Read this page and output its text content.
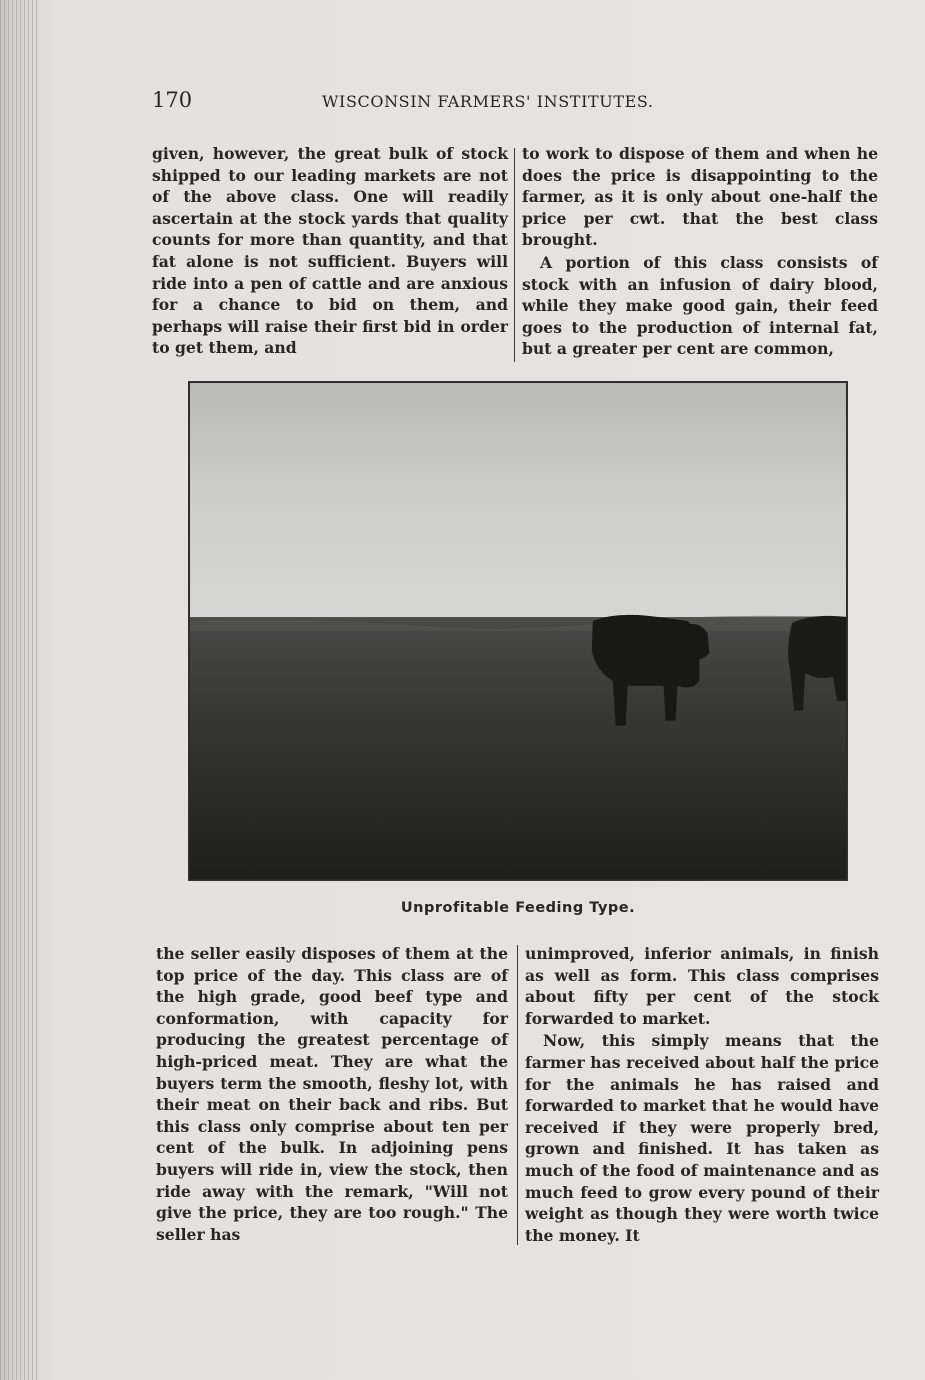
170	WISCONSIN FARMERS' INSTITUTES.

given, however, the great bulk of stock shipped to our leading markets are not of the above class. One will readily ascertain at the stock yards that quality counts for more than quantity, and that fat alone is not sufficient. Buyers will ride into a pen of cattle and are anxious for a chance to bid on them, and perhaps will raise their first bid in order to get them, and

to work to dispose of them and when he does the price is disappointing to the farmer, as it is only about one-half the price per cwt. that the best class brought.

A portion of this class consists of stock with an infusion of dairy blood, while they make good gain, their feed goes to the production of internal fat, but a greater per cent are common,

Unprofitable Feeding Type.

the seller easily disposes of them at the top price of the day. This class are of the high grade, good beef type and conformation, with capacity for producing the greatest percentage of high-priced meat. They are what the buyers term the smooth, fleshy lot, with their meat on their back and ribs. But this class only comprise about ten per cent of the bulk. In adjoining pens buyers will ride in, view the stock, then ride away with the remark, "Will not give the price, they are too rough." The seller has

unimproved, inferior animals, in finish as well as form. This class comprises about fifty per cent of the stock forwarded to market.

Now, this simply means that the farmer has received about half the price for the animals he has raised and forwarded to market that he would have received if they were properly bred, grown and finished. It has taken as much of the food of maintenance and as much feed to grow every pound of their weight as though they were worth twice the money. It
